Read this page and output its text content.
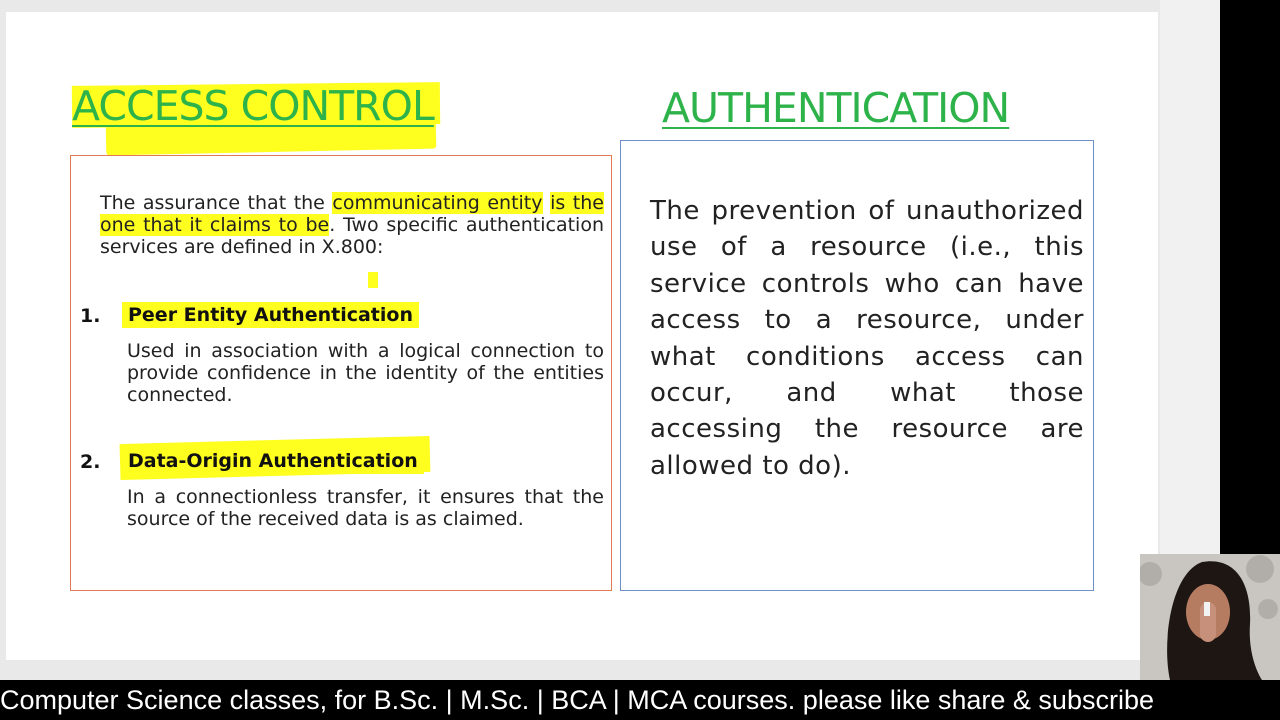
ACCESS CONTROL	AUTHENTICATION

The assurance that the communicating entity is the one that it claims to be. Two specific authentication services are defined in X.800:

1.	Peer Entity Authentication

Used in association with a logical connection to provide confidence in the identity of the entities connected.

2.	Data-Origin Authentication

In a connectionless transfer, it ensures that the source of the received data is as claimed.

The prevention of unauthorized use of a resource (i.e., this service controls who can have access to a resource, under what conditions access can occur, and what those accessing the resource are allowed to do).

Computer Science classes, for B.Sc. | M.Sc. | BCA | MCA courses. please like share & subscribe
